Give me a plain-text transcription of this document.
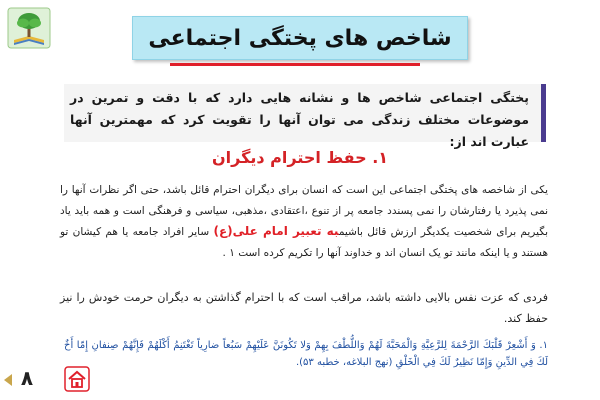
شاخص های پختگی اجتماعی
پختگی اجتماعی شاخص ها و نشانه هایی دارد که با دقت و تمرین در موضوعات مختلف زندگی می توان آنها را تقویت کرد که مهمترین آنها عبارت اند از:
۱. حفظ احترام دیگران
یکی از شاخصه های پختگی اجتماعی این است که انسان برای دیگران احترام قائل باشد، حتی اگر نظرات آنها را نمی پذیرد یا رفتارشان را نمی پسندد جامعه پر از تنوع ،اعتقادی ،مذهبی، سیاسی و فرهنگی است و همه باید یاد بگیریم برای شخصیت یکدیگر ارزش قائل باشیمبه تعبیر امام علی(ع) سایر افراد جامعه یا هم کیشان تو هستند و یا اینکه مانند تو یک انسان اند و خداوند آنها را تکریم کرده است ۱ .
فردی که عزت نفس بالایی داشته باشد، مراقب است که با احترام گذاشتن به دیگران حرمت خودش را نیز حفظ کند.
۱. وَ أَشْعِرْ قَلْبَكَ الرَّحْمَةَ لِلرَّعِيَّةِ وَالْمَحَبَّةَ لَهُمْ وَاللُّطْفَ بِهِمْ وَلا تَكُونَنَّ عَلَيْهِمْ سَبُعاً ضارِياً تَغْتَنِمُ أَكْلَهُمْ فَإِنَّهُمْ صِنفانِ إِمّا أَخٌ لَكَ فِي الدِّينِ وَإِمّا نَظِيرٌ لَكَ فِي الْخَلْقِ (نهج البلاغه، خطبه ۵۳).
۸
